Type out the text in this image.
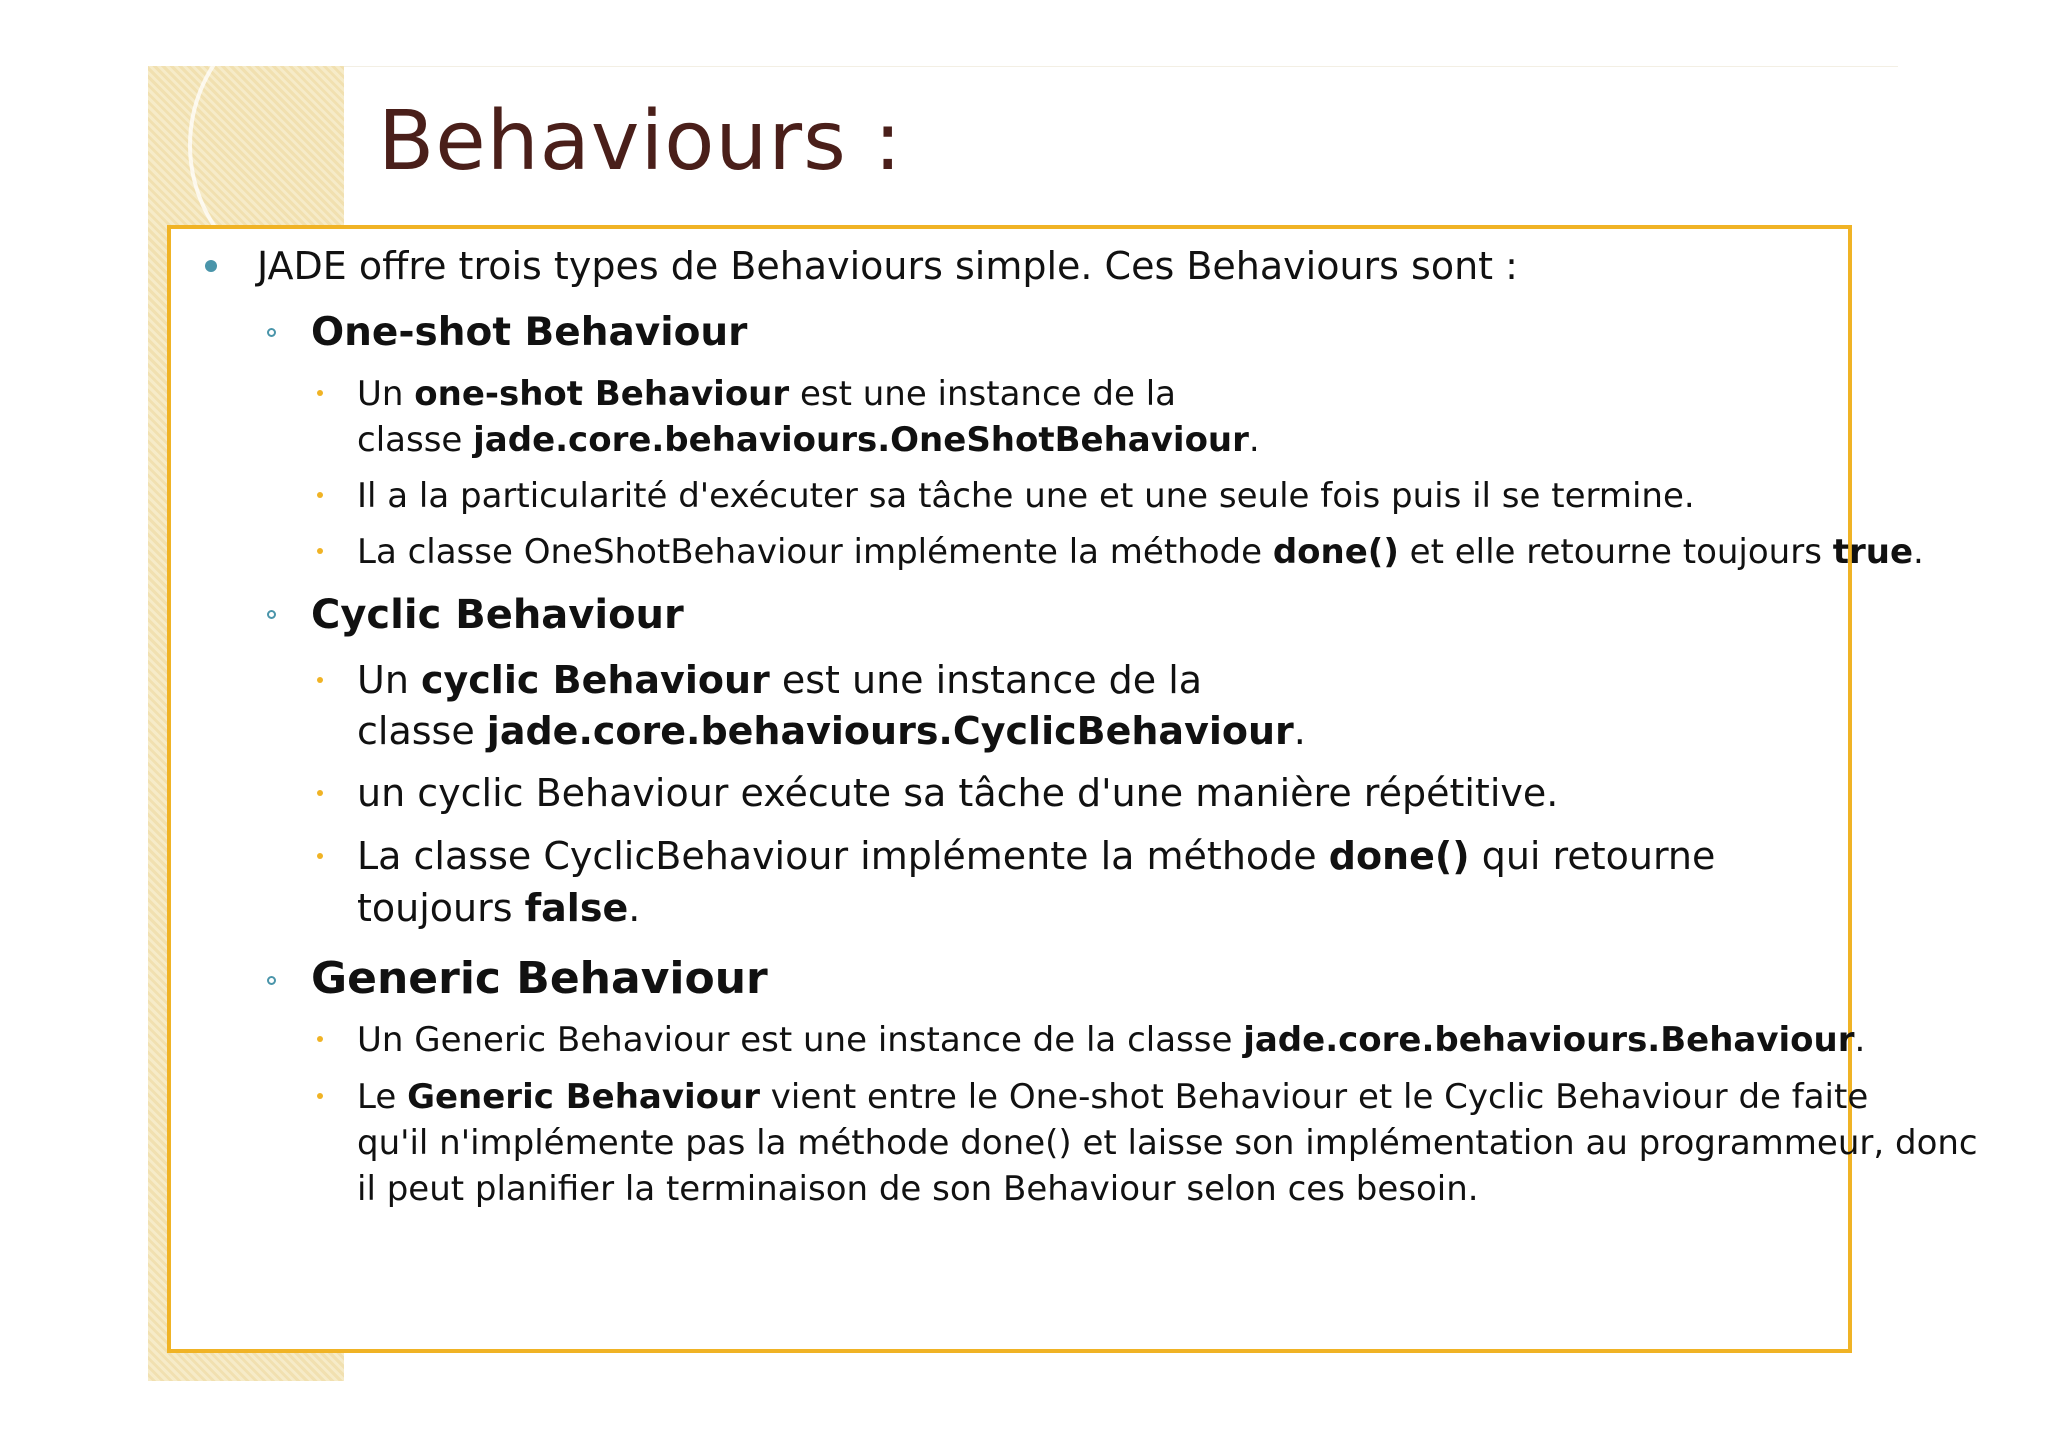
Behaviours :
JADE offre trois types de Behaviours simple. Ces Behaviours sont :
One-shot Behaviour
Un one-shot Behaviour est une instance de la
classe jade.core.behaviours.OneShotBehaviour.
Il a la particularité d'exécuter sa tâche une et une seule fois puis il se termine.
La classe OneShotBehaviour implémente la méthode done() et elle retourne toujours true.
Cyclic Behaviour
Un cyclic Behaviour est une instance de la
classe jade.core.behaviours.CyclicBehaviour.
un cyclic Behaviour exécute sa tâche d'une manière répétitive.
La classe CyclicBehaviour implémente la méthode done() qui retourne
toujours false.
Generic Behaviour
Un Generic Behaviour est une instance de la classe jade.core.behaviours.Behaviour.
Le Generic Behaviour vient entre le One-shot Behaviour et le Cyclic Behaviour de faite
qu'il n'implémente pas la méthode done() et laisse son implémentation au programmeur, donc
il peut planifier la terminaison de son Behaviour selon ces besoin.
